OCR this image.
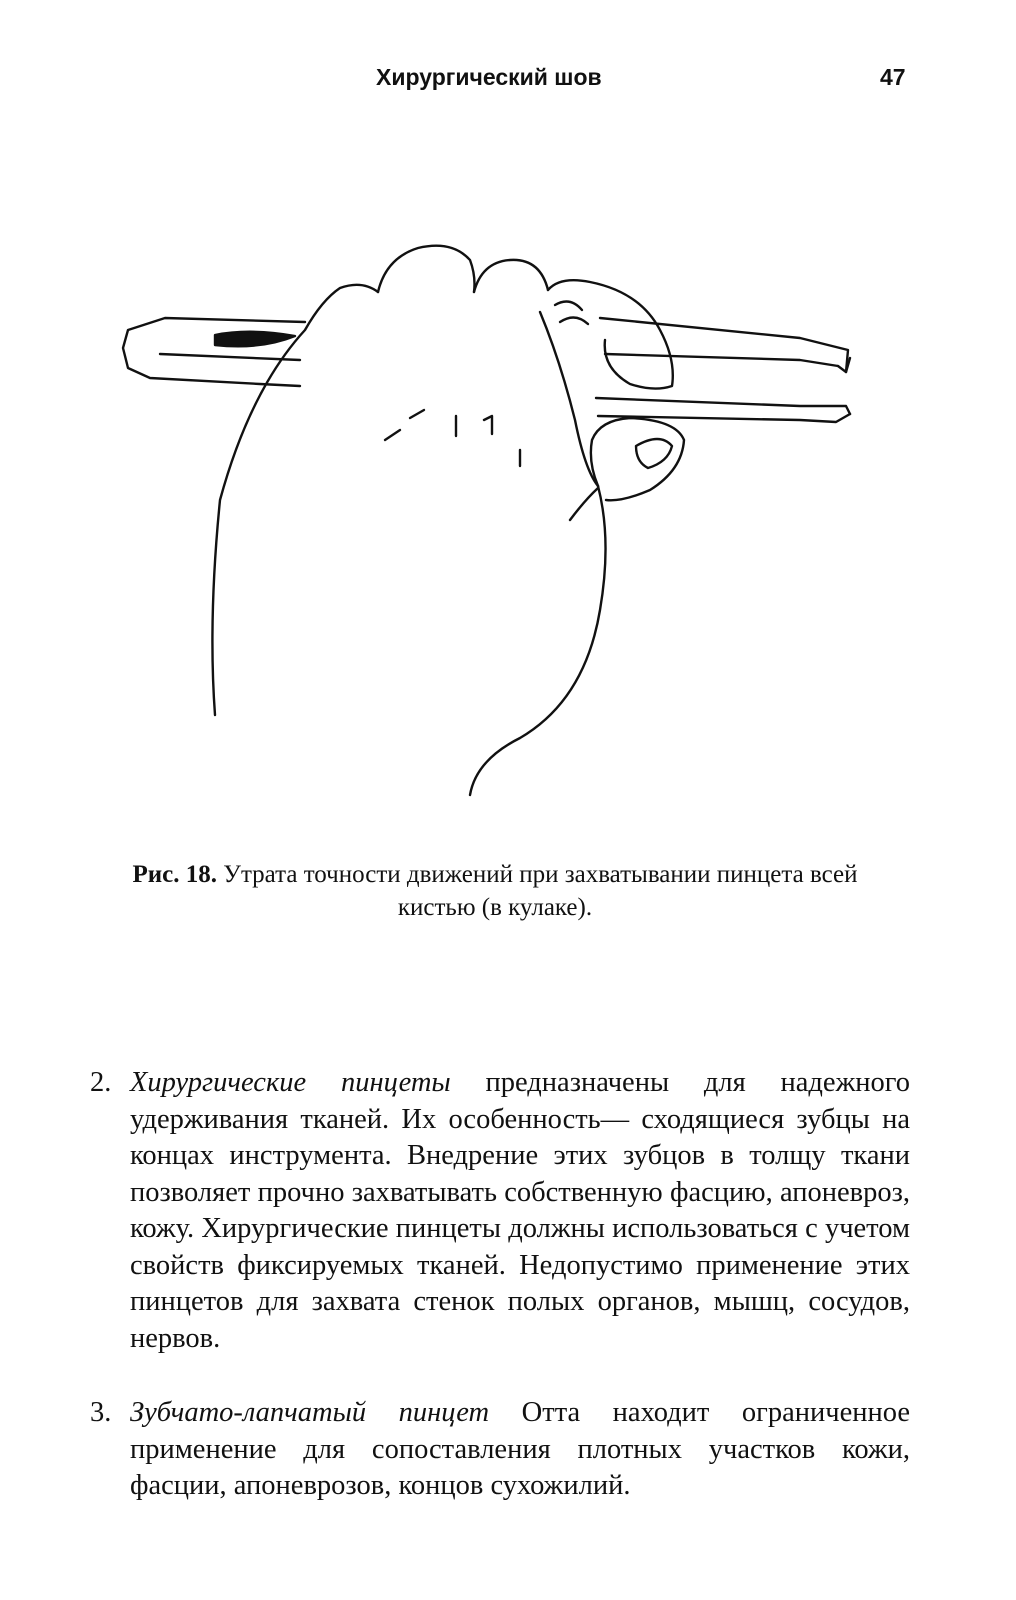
Хирургический шов	47
Рис. 18. Утрата точности движений при захватывании пинцета всей кистью (в кулаке).
2. Хирургические пинцеты предназначены для надежного удерживания тканей. Их особенность— сходящиеся зубцы на концах инструмента. Внедрение этих зубцов в толщу ткани позволяет прочно захватывать собственную фасцию, апоневроз, кожу. Хирургические пинцеты должны использоваться с учетом свойств фиксируемых тканей. Недопустимо применение этих пинцетов для захвата стенок полых органов, мышц, сосудов, нервов.
3. Зубчато-лапчатый пинцет Отта находит ограниченное применение для сопоставления плотных участков кожи, фасции, апоневрозов, концов сухожилий.
